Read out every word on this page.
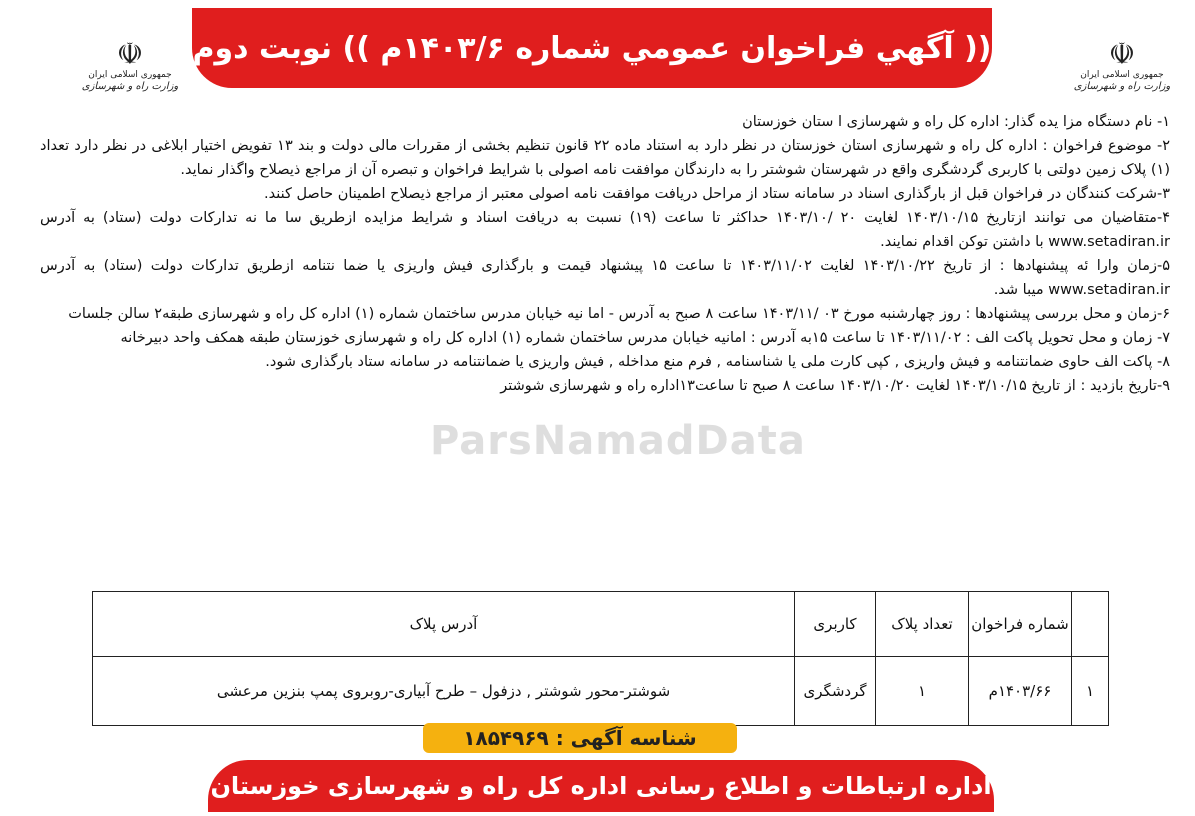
(( آگهي فراخوان عمومي شماره ۱۴۰۳/۶م )) نوبت دوم	☫
جمهوری اسلامی ایران
وزارت راه و شهرسازی
☫
جمهوری اسلامی ایران
وزارت راه و شهرسازی
ParsNamadData

۱- نام دستگاه مزا یده گذار: اداره کل راه و شهرسازی ا ستان خوزستان

۲- موضوع فراخوان : اداره کل راه و شهرسازی استان خوزستان در نظر دارد به استناد ماده ۲۲ قانون تنظیم بخشی از مقررات مالی دولت و بند ۱۳ تفویض اختیار ابلاغی در نظر دارد تعداد (۱) پلاک زمین دولتی با کاربری گردشگری واقع در شهرستان شوشتر را به دارندگان موافقت نامه اصولی با شرایط فراخوان و تبصره آن از مراجع ذیصلاح واگذار نماید.

۳-شرکت کنندگان در فراخوان قبل از بارگذاری اسناد در سامانه ستاد از مراحل دریافت موافقت نامه اصولی معتبر از مراجع ذیصلاح اطمینان حاصل کنند.

۴-متقاضیان می توانند ازتاریخ ۱۴۰۳/۱۰/۱۵ لغایت ۲۰ /۱۴۰۳/۱۰ حداکثر تا ساعت (۱۹) نسبت به دریافت اسناد و شرایط مزایده ازطریق سا ما نه تدارکات دولت (ستاد) به آدرس www.setadiran.ir با داشتن توکن اقدام نمایند.

۵-زمان وارا ئه پیشنهادها : از تاریخ ۱۴۰۳/۱۰/۲۲ لغایت ۱۴۰۳/۱۱/۰۲ تا ساعت ۱۵ پیشنهاد قیمت و بارگذاری فیش واریزی یا ضما نتنامه ازطریق تدارکات دولت (ستاد) به آدرس www.setadiran.ir میبا شد.

۶-زمان و محل بررسی پیشنهادها : روز چهارشنبه مورخ ۰۳ /۱۴۰۳/۱۱ ساعت ۸ صبح به آدرس - اما نیه خیابان مدرس ساختمان شماره (۱) اداره کل راه و شهرسازی طبقه۲ سالن جلسات

۷- زمان و محل تحویل پاکت الف : ۱۴۰۳/۱۱/۰۲ تا ساعت ۱۵به آدرس : امانیه خیابان مدرس ساختمان شماره (۱) اداره کل راه و شهرسازی خوزستان طبقه همکف واحد دبیرخانه

۸- پاکت الف حاوی ضمانتنامه و فیش واریزی , کپی کارت ملی یا شناسنامه , فرم منع مداخله , فیش واریزی یا ضمانتنامه در سامانه ستاد بارگذاری شود.

۹-تاریخ بازدید : از تاریخ ۱۴۰۳/۱۰/۱۵ لغایت ۱۴۰۳/۱۰/۲۰ ساعت ۸ صبح تا ساعت۱۳اداره راه و شهرسازی شوشتر

	شماره فراخوان	تعداد پلاک	کاربری	آدرس پلاک
۱	۱۴۰۳/۶۶م	۱	گردشگری	شوشتر-محور شوشتر , دزفول – طرح آبیاری-روبروی پمپ بنزین مرعشی
شناسه آگهی : ۱۸۵۴۹۶۹
اداره ارتباطات و اطلاع رسانی اداره کل راه و شهرسازی خوزستان
